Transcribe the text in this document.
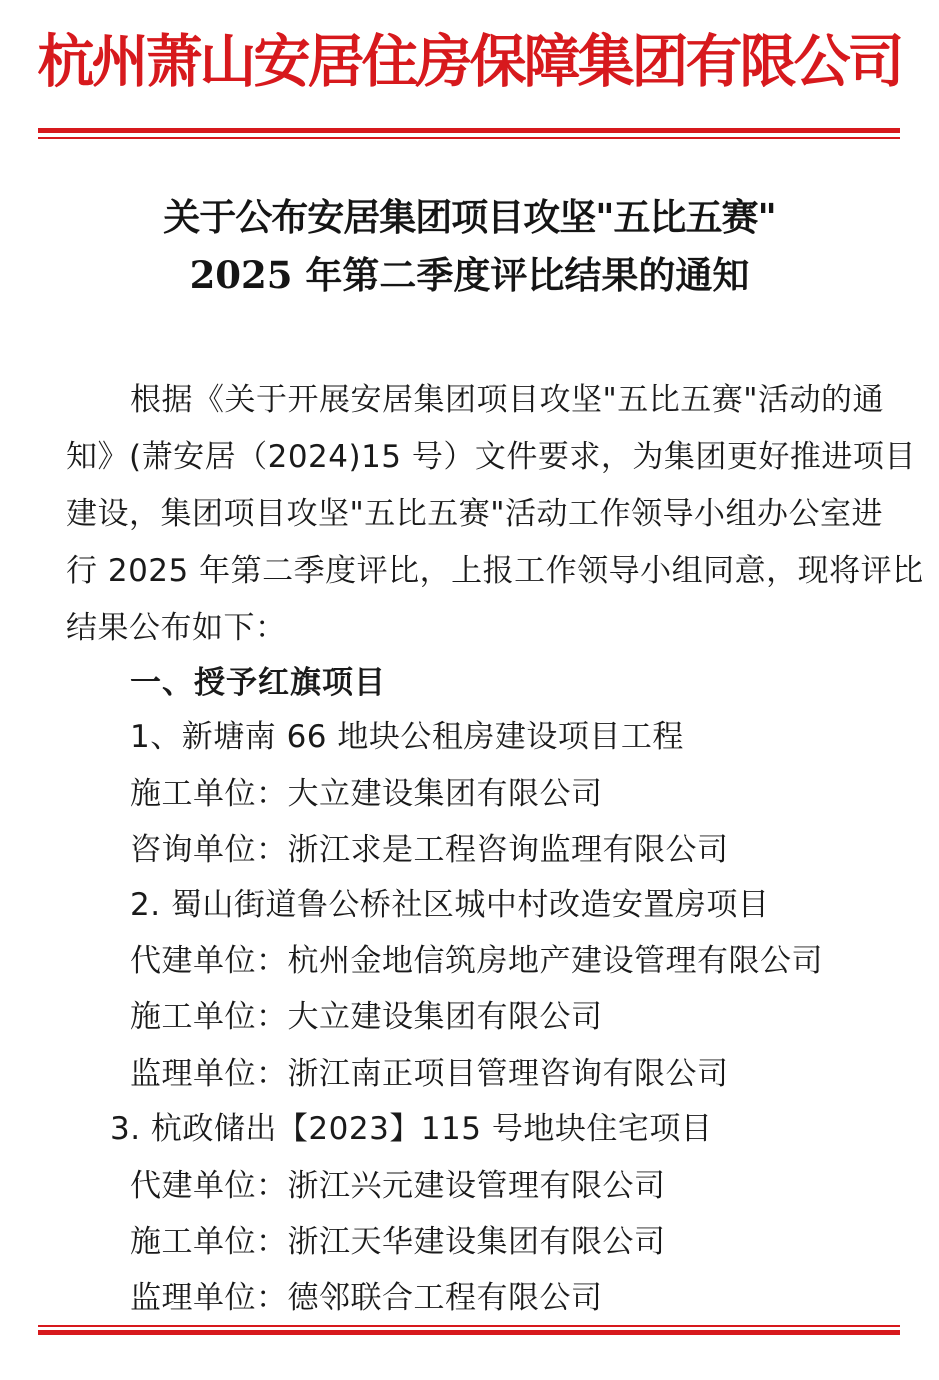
杭州萧山安居住房保障集团有限公司
关于公布安居集团项目攻坚"五比五赛"
2025 年第二季度评比结果的通知
根据《关于开展安居集团项目攻坚"五比五赛"活动的通
知》(萧安居（2024)15 号）文件要求，为集团更好推进项目
建设，集团项目攻坚"五比五赛"活动工作领导小组办公室进
行 2025 年第二季度评比，上报工作领导小组同意，现将评比
结果公布如下：
一、授予红旗项目
1、新塘南 66 地块公租房建设项目工程
施工单位：大立建设集团有限公司
咨询单位：浙江求是工程咨询监理有限公司
2. 蜀山街道鲁公桥社区城中村改造安置房项目
代建单位：杭州金地信筑房地产建设管理有限公司
施工单位：大立建设集团有限公司
监理单位：浙江南正项目管理咨询有限公司
3. 杭政储出【2023】115 号地块住宅项目
代建单位：浙江兴元建设管理有限公司
施工单位：浙江天华建设集团有限公司
监理单位：德邻联合工程有限公司
